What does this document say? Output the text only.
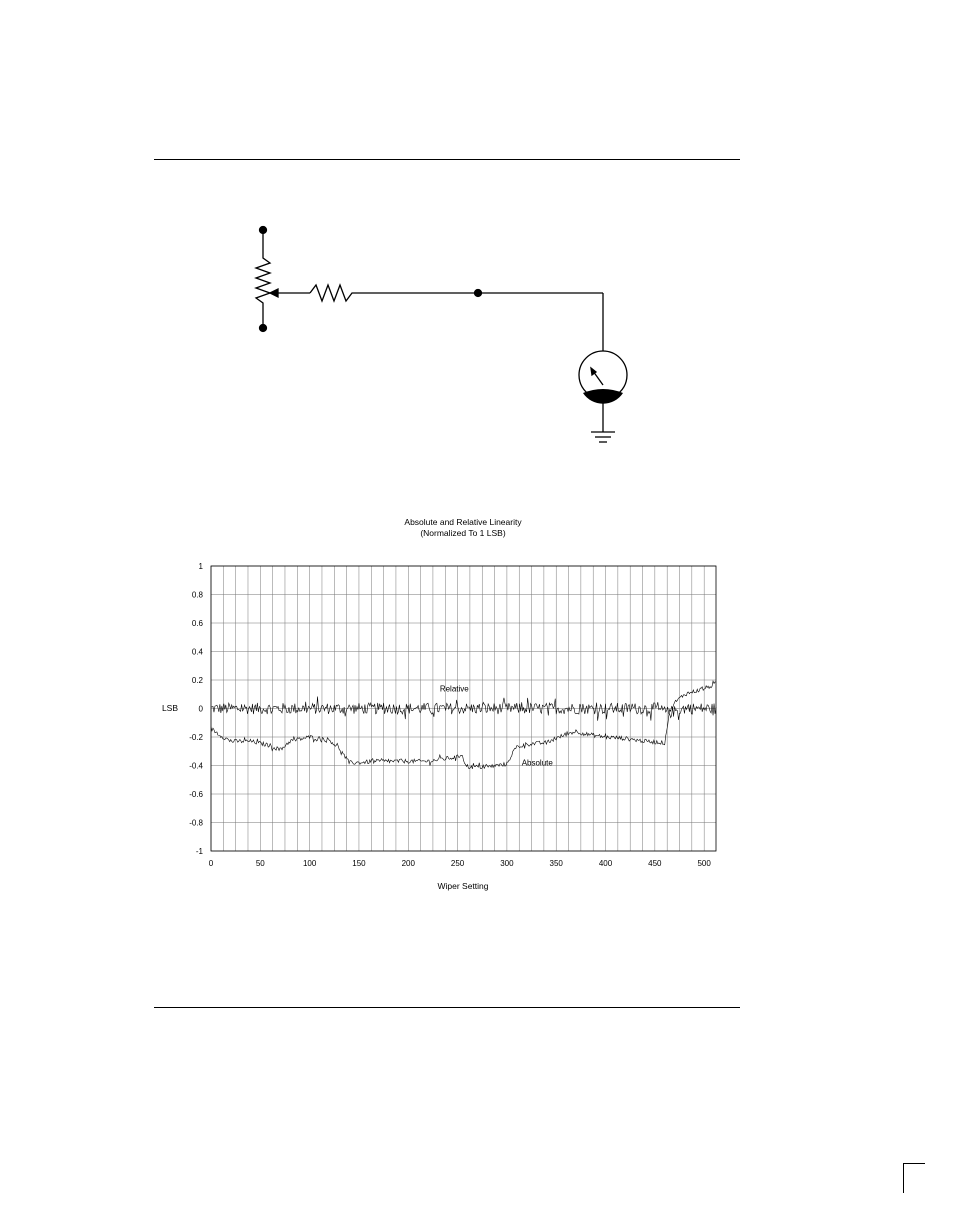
Absolute and Relative Linearity
(Normalized To 1 LSB)
1
0.8
0.6
0.4
0.2
0
-0.2
-0.4
-0.6
-0.8
-1
0	50	100	150	200	250	300	350	400	450	500
Relative
Absolute
LSB
Wiper Setting
